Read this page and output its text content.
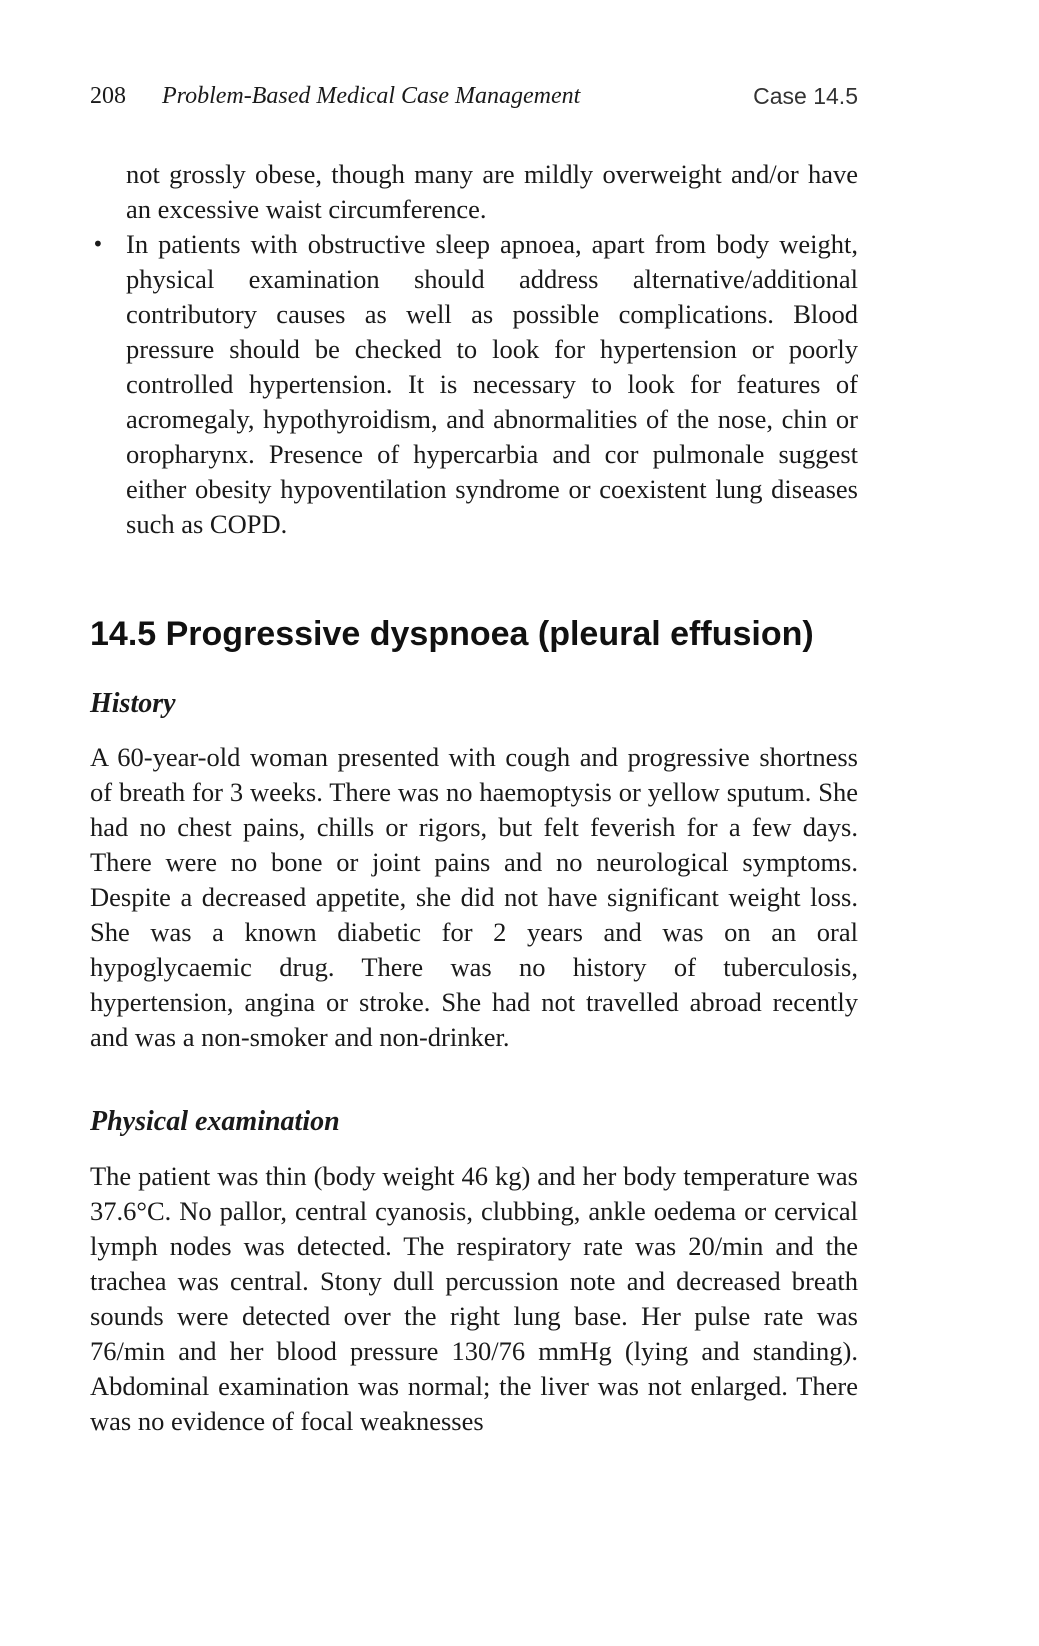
208 Problem-Based Medical Case Management	Case 14.5

not grossly obese, though many are mildly overweight and/or have an excessive waist circumference.

• In patients with obstructive sleep apnoea, apart from body weight, physical examination should address alternative/additional contributory causes as well as possible complications. Blood pressure should be checked to look for hypertension or poorly controlled hypertension. It is necessary to look for features of acromegaly, hypothyroidism, and abnormalities of the nose, chin or oropharynx. Presence of hypercarbia and cor pulmonale suggest either obesity hypoventilation syndrome or coexistent lung diseases such as COPD.

14.5 Progressive dyspnoea (pleural effusion)
History

A 60-year-old woman presented with cough and progressive shortness of breath for 3 weeks. There was no haemoptysis or yellow sputum. She had no chest pains, chills or rigors, but felt feverish for a few days. There were no bone or joint pains and no neurological symptoms. Despite a decreased appetite, she did not have significant weight loss. She was a known diabetic for 2 years and was on an oral hypoglycaemic drug. There was no history of tuberculosis, hypertension, angina or stroke. She had not travelled abroad recently and was a non-smoker and non-drinker.

Physical examination

The patient was thin (body weight 46 kg) and her body temperature was 37.6°C. No pallor, central cyanosis, clubbing, ankle oedema or cervical lymph nodes was detected. The respiratory rate was 20/min and the trachea was central. Stony dull percussion note and decreased breath sounds were detected over the right lung base. Her pulse rate was 76/min and her blood pressure 130/76 mmHg (lying and standing). Abdominal examination was normal; the liver was not enlarged. There was no evidence of focal weaknesses
